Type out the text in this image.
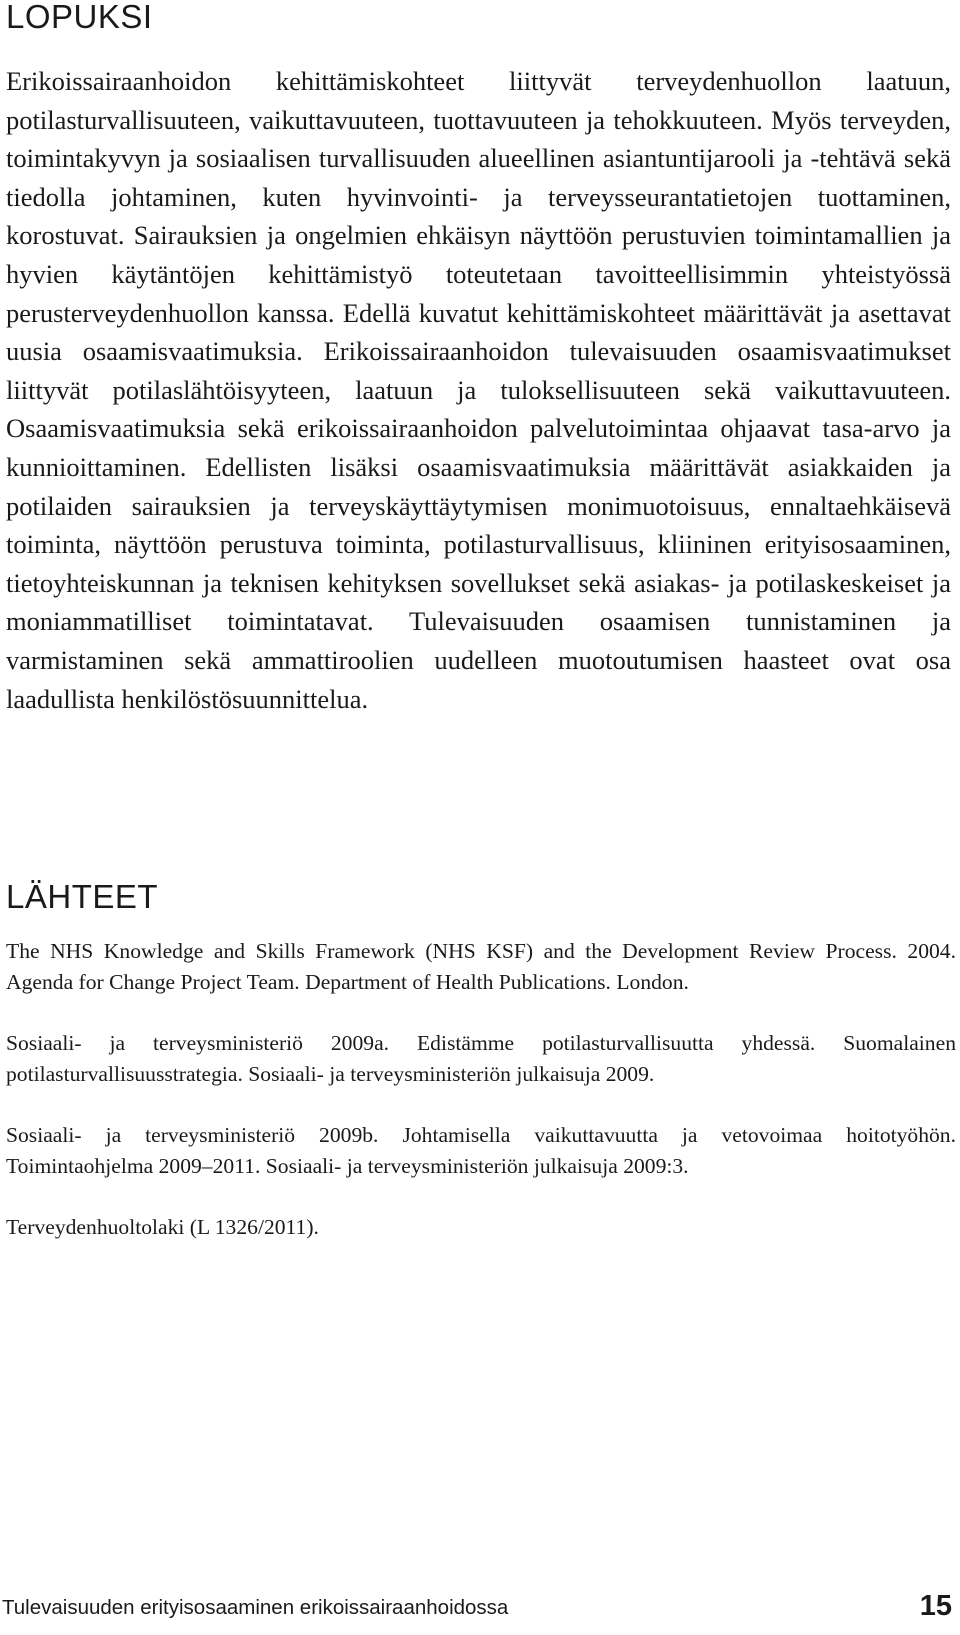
LOPUKSI

Erikoissairaanhoidon kehittämiskohteet liittyvät terveydenhuollon laatuun, potilasturvallisuuteen, vaikuttavuuteen, tuottavuuteen ja tehokkuuteen. Myös terveyden, toimintakyvyn ja sosiaalisen turvallisuuden alueellinen asiantuntijarooli ja -tehtävä sekä tiedolla johtaminen, kuten hyvinvointi- ja terveysseurantatietojen tuottaminen, korostuvat. Sairauksien ja ongelmien ehkäisyn näyttöön perustuvien toimintamallien ja hyvien käytäntöjen kehittämistyö toteutetaan tavoitteellisimmin yhteistyössä perusterveydenhuollon kanssa. Edellä kuvatut kehittämiskohteet määrittävät ja asettavat uusia osaamisvaatimuksia. Erikoissairaanhoidon tulevaisuuden osaamisvaatimukset liittyvät potilaslähtöisyyteen, laatuun ja tuloksellisuuteen sekä vaikuttavuuteen. Osaamisvaatimuksia sekä erikoissairaanhoidon palvelutoimintaa ohjaavat tasa-arvo ja kunnioittaminen. Edellisten lisäksi osaamisvaatimuksia määrittävät asiakkaiden ja potilaiden sairauksien ja terveyskäyttäytymisen monimuotoisuus, ennaltaehkäisevä toiminta, näyttöön perustuva toiminta, potilasturvallisuus, kliininen erityisosaaminen, tietoyhteiskunnan ja teknisen kehityksen sovellukset sekä asiakas- ja potilaskeskeiset ja moniammatilliset toimintatavat. Tulevaisuuden osaamisen tunnistaminen ja varmistaminen sekä ammattiroolien uudelleen muotoutumisen haasteet ovat osa laadullista henkilöstösuunnittelua.

LÄHTEET

The NHS Knowledge and Skills Framework (NHS KSF) and the Development Review Process. 2004. Agenda for Change Project Team. Department of Health Publications. London.

Sosiaali- ja terveysministeriö 2009a. Edistämme potilasturvallisuutta yhdessä. Suomalainen potilasturvallisuusstrategia. Sosiaali- ja terveysministeriön julkaisuja 2009.

Sosiaali- ja terveysministeriö 2009b. Johtamisella vaikuttavuutta ja vetovoimaa hoitotyöhön. Toimintaohjelma 2009–2011. Sosiaali- ja terveysministeriön julkaisuja 2009:3.

Terveydenhuoltolaki (L 1326/2011).

Tulevaisuuden erityisosaaminen erikoissairaanhoidossa	15
